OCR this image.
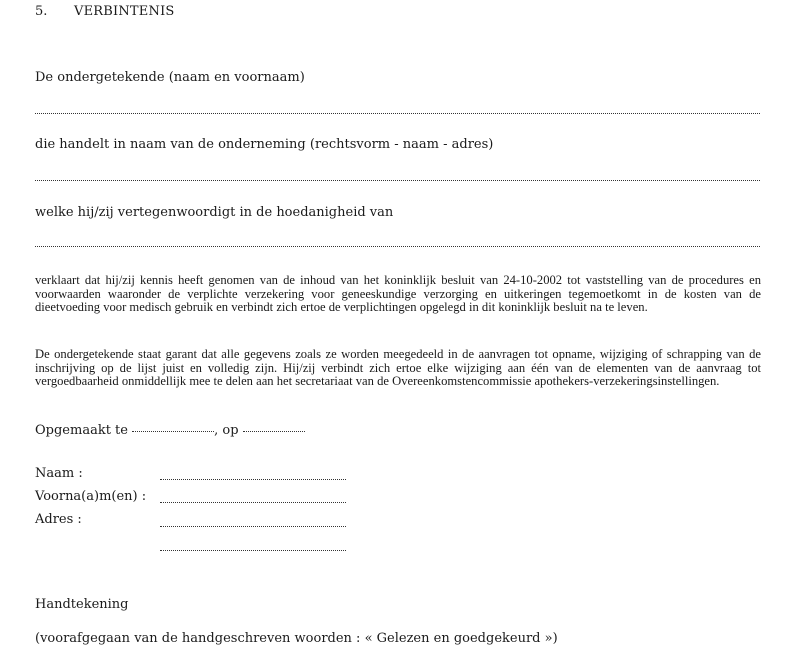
5. VERBINTENIS
De ondergetekende (naam en voornaam)
die handelt in naam van de onderneming (rechtsvorm - naam - adres)
welke hij/zij vertegenwoordigt in de hoedanigheid van
verklaart dat hij/zij kennis heeft genomen van de inhoud van het koninklijk besluit van 24-10-2002 tot vaststelling van de procedures en voorwaarden waaronder de verplichte verzekering voor geneeskundige verzorging en uitkeringen tegemoetkomt in de kosten van de dieetvoeding voor medisch gebruik en verbindt zich ertoe de verplichtingen opgelegd in dit koninklijk besluit na te leven.
De ondergetekende staat garant dat alle gegevens zoals ze worden meegedeeld in de aanvragen tot opname, wijziging of schrapping van de inschrijving op de lijst juist en volledig zijn. Hij/zij verbindt zich ertoe elke wijziging aan één van de elementen van de aanvraag tot vergoedbaarheid onmiddellijk mee te delen aan het secretariaat van de Overeenkomstencommissie apothekers-verzekeringsinstellingen.
Opgemaakt te	, op
Naam :
Voorna(a)m(en) :
Adres :
Handtekening
(voorafgegaan van de handgeschreven woorden : « Gelezen en goedgekeurd »)
